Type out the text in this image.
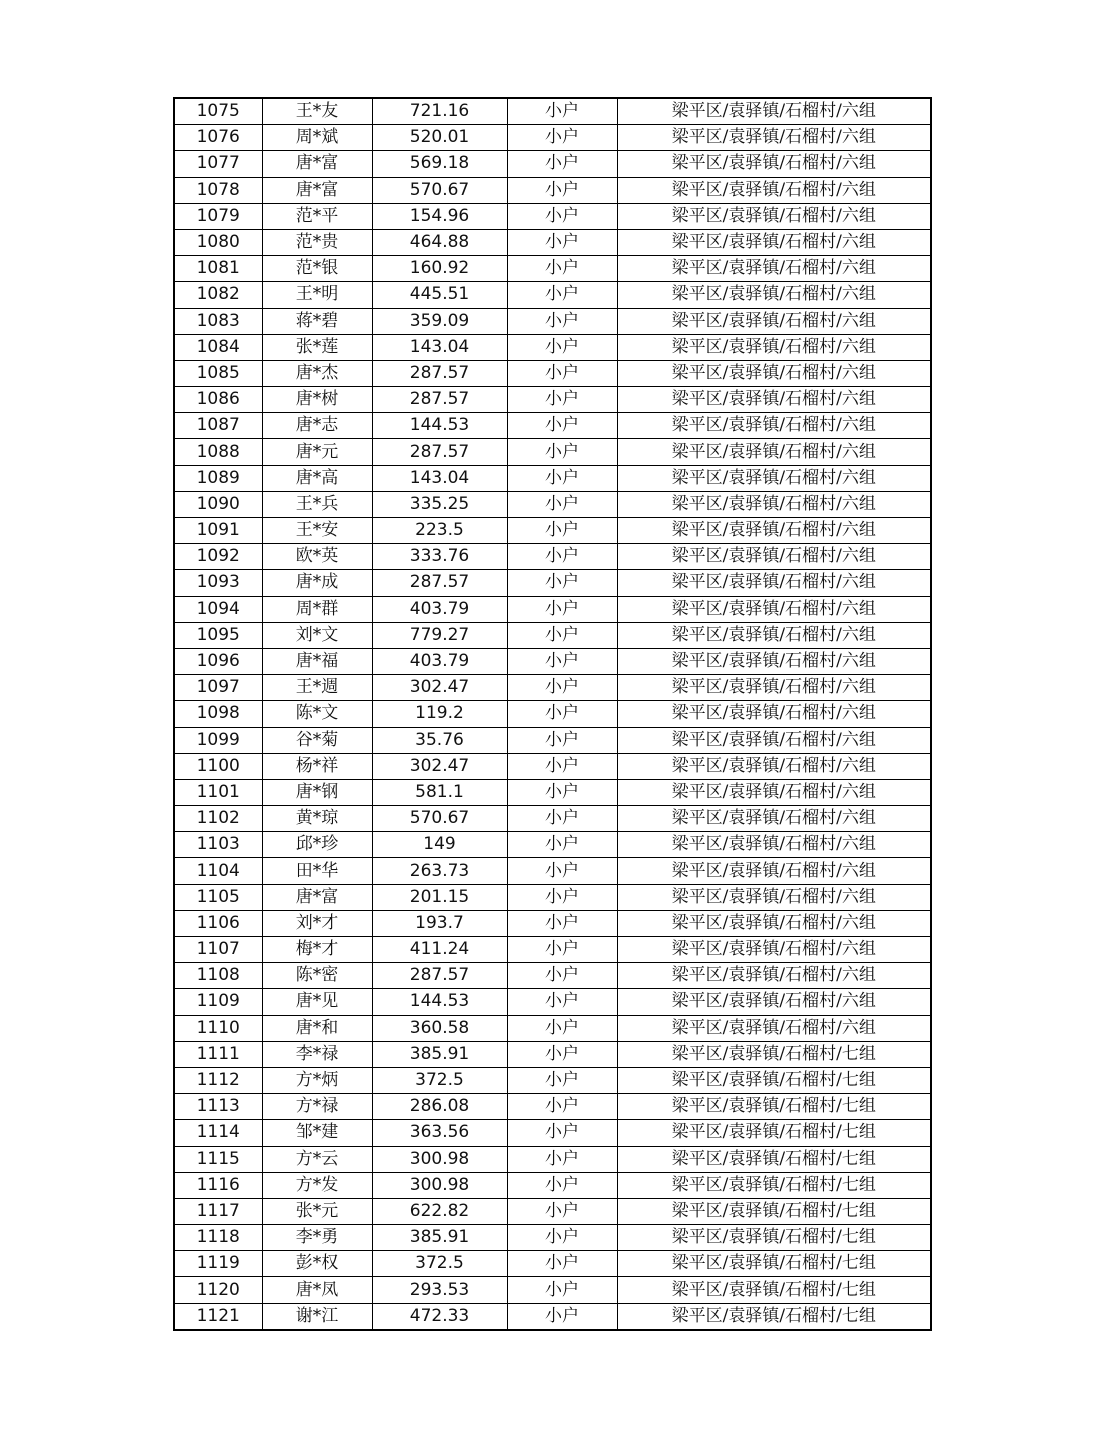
1075	王*友	721.16	小户	梁平区/袁驿镇/石榴村/六组
1076	周*斌	520.01	小户	梁平区/袁驿镇/石榴村/六组
1077	唐*富	569.18	小户	梁平区/袁驿镇/石榴村/六组
1078	唐*富	570.67	小户	梁平区/袁驿镇/石榴村/六组
1079	范*平	154.96	小户	梁平区/袁驿镇/石榴村/六组
1080	范*贵	464.88	小户	梁平区/袁驿镇/石榴村/六组
1081	范*银	160.92	小户	梁平区/袁驿镇/石榴村/六组
1082	王*明	445.51	小户	梁平区/袁驿镇/石榴村/六组
1083	蒋*碧	359.09	小户	梁平区/袁驿镇/石榴村/六组
1084	张*莲	143.04	小户	梁平区/袁驿镇/石榴村/六组
1085	唐*杰	287.57	小户	梁平区/袁驿镇/石榴村/六组
1086	唐*树	287.57	小户	梁平区/袁驿镇/石榴村/六组
1087	唐*志	144.53	小户	梁平区/袁驿镇/石榴村/六组
1088	唐*元	287.57	小户	梁平区/袁驿镇/石榴村/六组
1089	唐*高	143.04	小户	梁平区/袁驿镇/石榴村/六组
1090	王*兵	335.25	小户	梁平区/袁驿镇/石榴村/六组
1091	王*安	223.5	小户	梁平区/袁驿镇/石榴村/六组
1092	欧*英	333.76	小户	梁平区/袁驿镇/石榴村/六组
1093	唐*成	287.57	小户	梁平区/袁驿镇/石榴村/六组
1094	周*群	403.79	小户	梁平区/袁驿镇/石榴村/六组
1095	刘*文	779.27	小户	梁平区/袁驿镇/石榴村/六组
1096	唐*福	403.79	小户	梁平区/袁驿镇/石榴村/六组
1097	王*週	302.47	小户	梁平区/袁驿镇/石榴村/六组
1098	陈*文	119.2	小户	梁平区/袁驿镇/石榴村/六组
1099	谷*菊	35.76	小户	梁平区/袁驿镇/石榴村/六组
1100	杨*祥	302.47	小户	梁平区/袁驿镇/石榴村/六组
1101	唐*钢	581.1	小户	梁平区/袁驿镇/石榴村/六组
1102	黄*琼	570.67	小户	梁平区/袁驿镇/石榴村/六组
1103	邱*珍	149	小户	梁平区/袁驿镇/石榴村/六组
1104	田*华	263.73	小户	梁平区/袁驿镇/石榴村/六组
1105	唐*富	201.15	小户	梁平区/袁驿镇/石榴村/六组
1106	刘*才	193.7	小户	梁平区/袁驿镇/石榴村/六组
1107	梅*才	411.24	小户	梁平区/袁驿镇/石榴村/六组
1108	陈*密	287.57	小户	梁平区/袁驿镇/石榴村/六组
1109	唐*见	144.53	小户	梁平区/袁驿镇/石榴村/六组
1110	唐*和	360.58	小户	梁平区/袁驿镇/石榴村/六组
1111	李*禄	385.91	小户	梁平区/袁驿镇/石榴村/七组
1112	方*炳	372.5	小户	梁平区/袁驿镇/石榴村/七组
1113	方*禄	286.08	小户	梁平区/袁驿镇/石榴村/七组
1114	邹*建	363.56	小户	梁平区/袁驿镇/石榴村/七组
1115	方*云	300.98	小户	梁平区/袁驿镇/石榴村/七组
1116	方*发	300.98	小户	梁平区/袁驿镇/石榴村/七组
1117	张*元	622.82	小户	梁平区/袁驿镇/石榴村/七组
1118	李*勇	385.91	小户	梁平区/袁驿镇/石榴村/七组
1119	彭*权	372.5	小户	梁平区/袁驿镇/石榴村/七组
1120	唐*凤	293.53	小户	梁平区/袁驿镇/石榴村/七组
1121	谢*江	472.33	小户	梁平区/袁驿镇/石榴村/七组
